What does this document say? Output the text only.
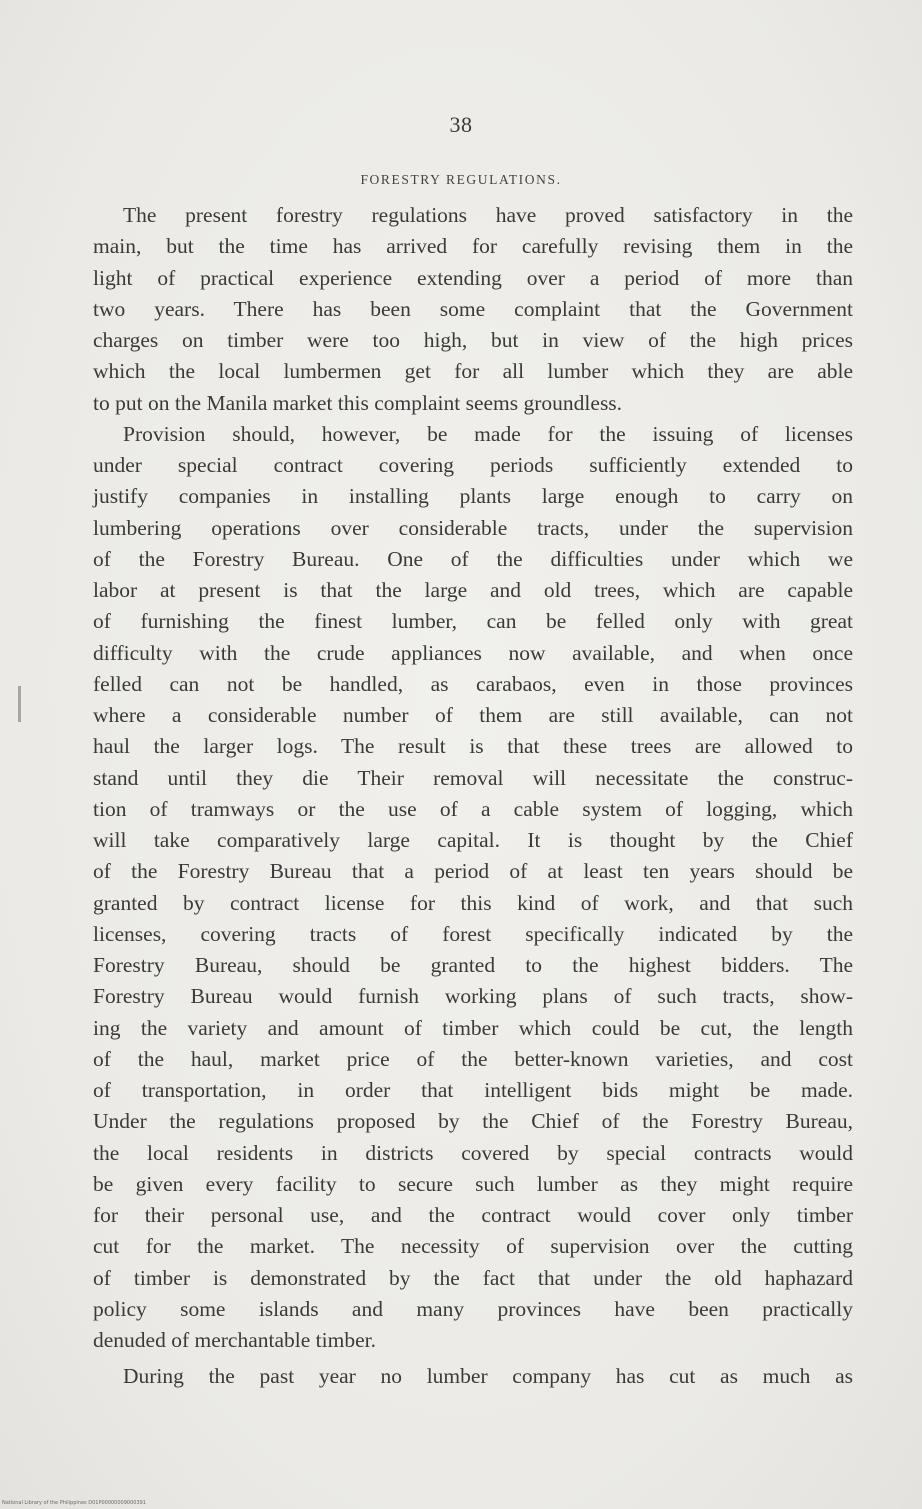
38
FORESTRY REGULATIONS.
The present forestry regulations have proved satisfactory in the
main, but the time has arrived for carefully revising them in the
light of practical experience extending over a period of more than
two years. There has been some complaint that the Government
charges on timber were too high, but in view of the high prices
which the local lumbermen get for all lumber which they are able
to put on the Manila market this complaint seems groundless.
Provision should, however, be made for the issuing of licenses
under special contract covering periods sufficiently extended to
justify companies in installing plants large enough to carry on
lumbering operations over considerable tracts, under the supervision
of the Forestry Bureau. One of the difficulties under which we
labor at present is that the large and old trees, which are capable
of furnishing the finest lumber, can be felled only with great
difficulty with the crude appliances now available, and when once
felled can not be handled, as carabaos, even in those provinces
where a considerable number of them are still available, can not
haul the larger logs. The result is that these trees are allowed to
stand until they die Their removal will necessitate the construc-
tion of tramways or the use of a cable system of logging, which
will take comparatively large capital. It is thought by the Chief
of the Forestry Bureau that a period of at least ten years should be
granted by contract license for this kind of work, and that such
licenses, covering tracts of forest specifically indicated by the
Forestry Bureau, should be granted to the highest bidders. The
Forestry Bureau would furnish working plans of such tracts, show-
ing the variety and amount of timber which could be cut, the length
of the haul, market price of the better-known varieties, and cost
of transportation, in order that intelligent bids might be made.
Under the regulations proposed by the Chief of the Forestry Bureau,
the local residents in districts covered by special contracts would
be given every facility to secure such lumber as they might require
for their personal use, and the contract would cover only timber
cut for the market. The necessity of supervision over the cutting
of timber is demonstrated by the fact that under the old haphazard
policy some islands and many provinces have been practically
denuded of merchantable timber.
During the past year no lumber company has cut as much as
National Library of the Philippines D01P00000009000391
